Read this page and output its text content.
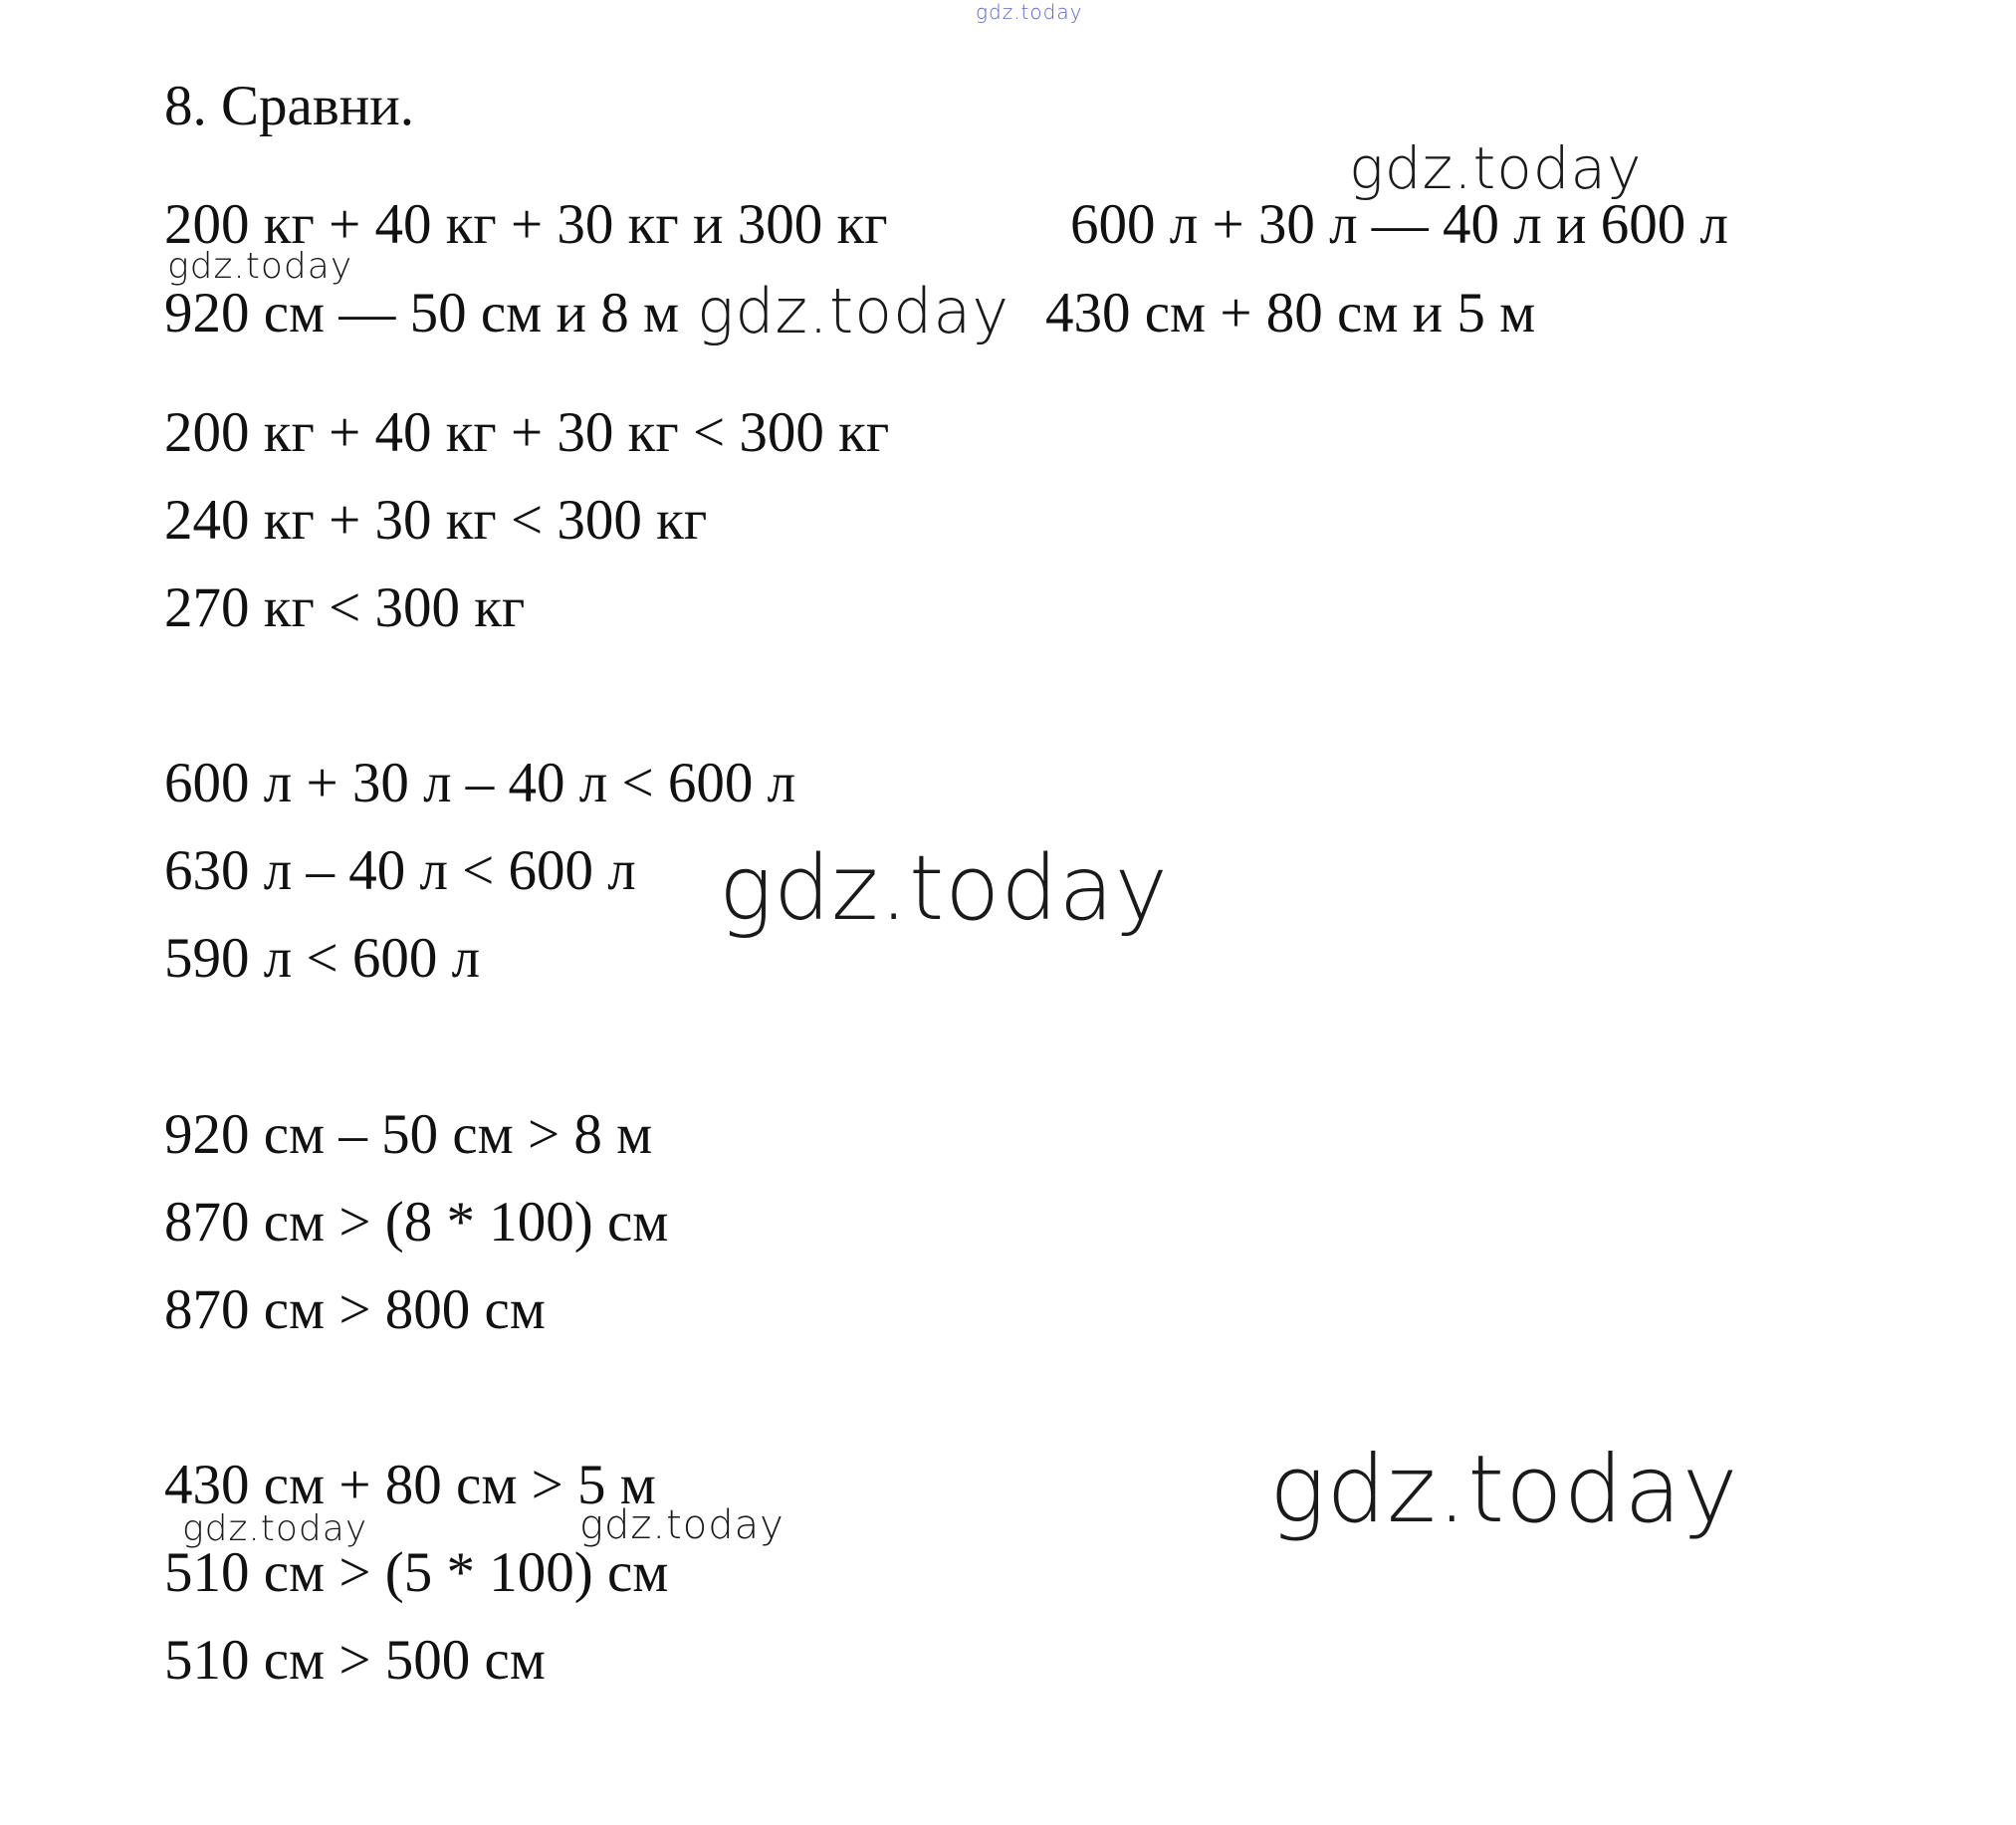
gdz.today
8. Сравни.
200 кг + 40 кг + 30 кг и 300 кг	600 л + 30 л — 40 л и 600 л
920 см — 50 см и 8 м	430 см + 80 см и 5 м
200 кг + 40 кг + 30 кг < 300 кг
240 кг + 30 кг < 300 кг
270 кг < 300 кг
600 л + 30 л – 40 л < 600 л
630 л – 40 л < 600 л
590 л < 600 л
920 см – 50 см > 8 м
870 см > (8 * 100) см
870 см > 800 см
430 см + 80 см > 5 м
510 см > (5 * 100) см
510 см > 500 см
gdz.today
gdz.today
gdz.today
gdz.today
gdz.today
gdz.today	gdz.today
